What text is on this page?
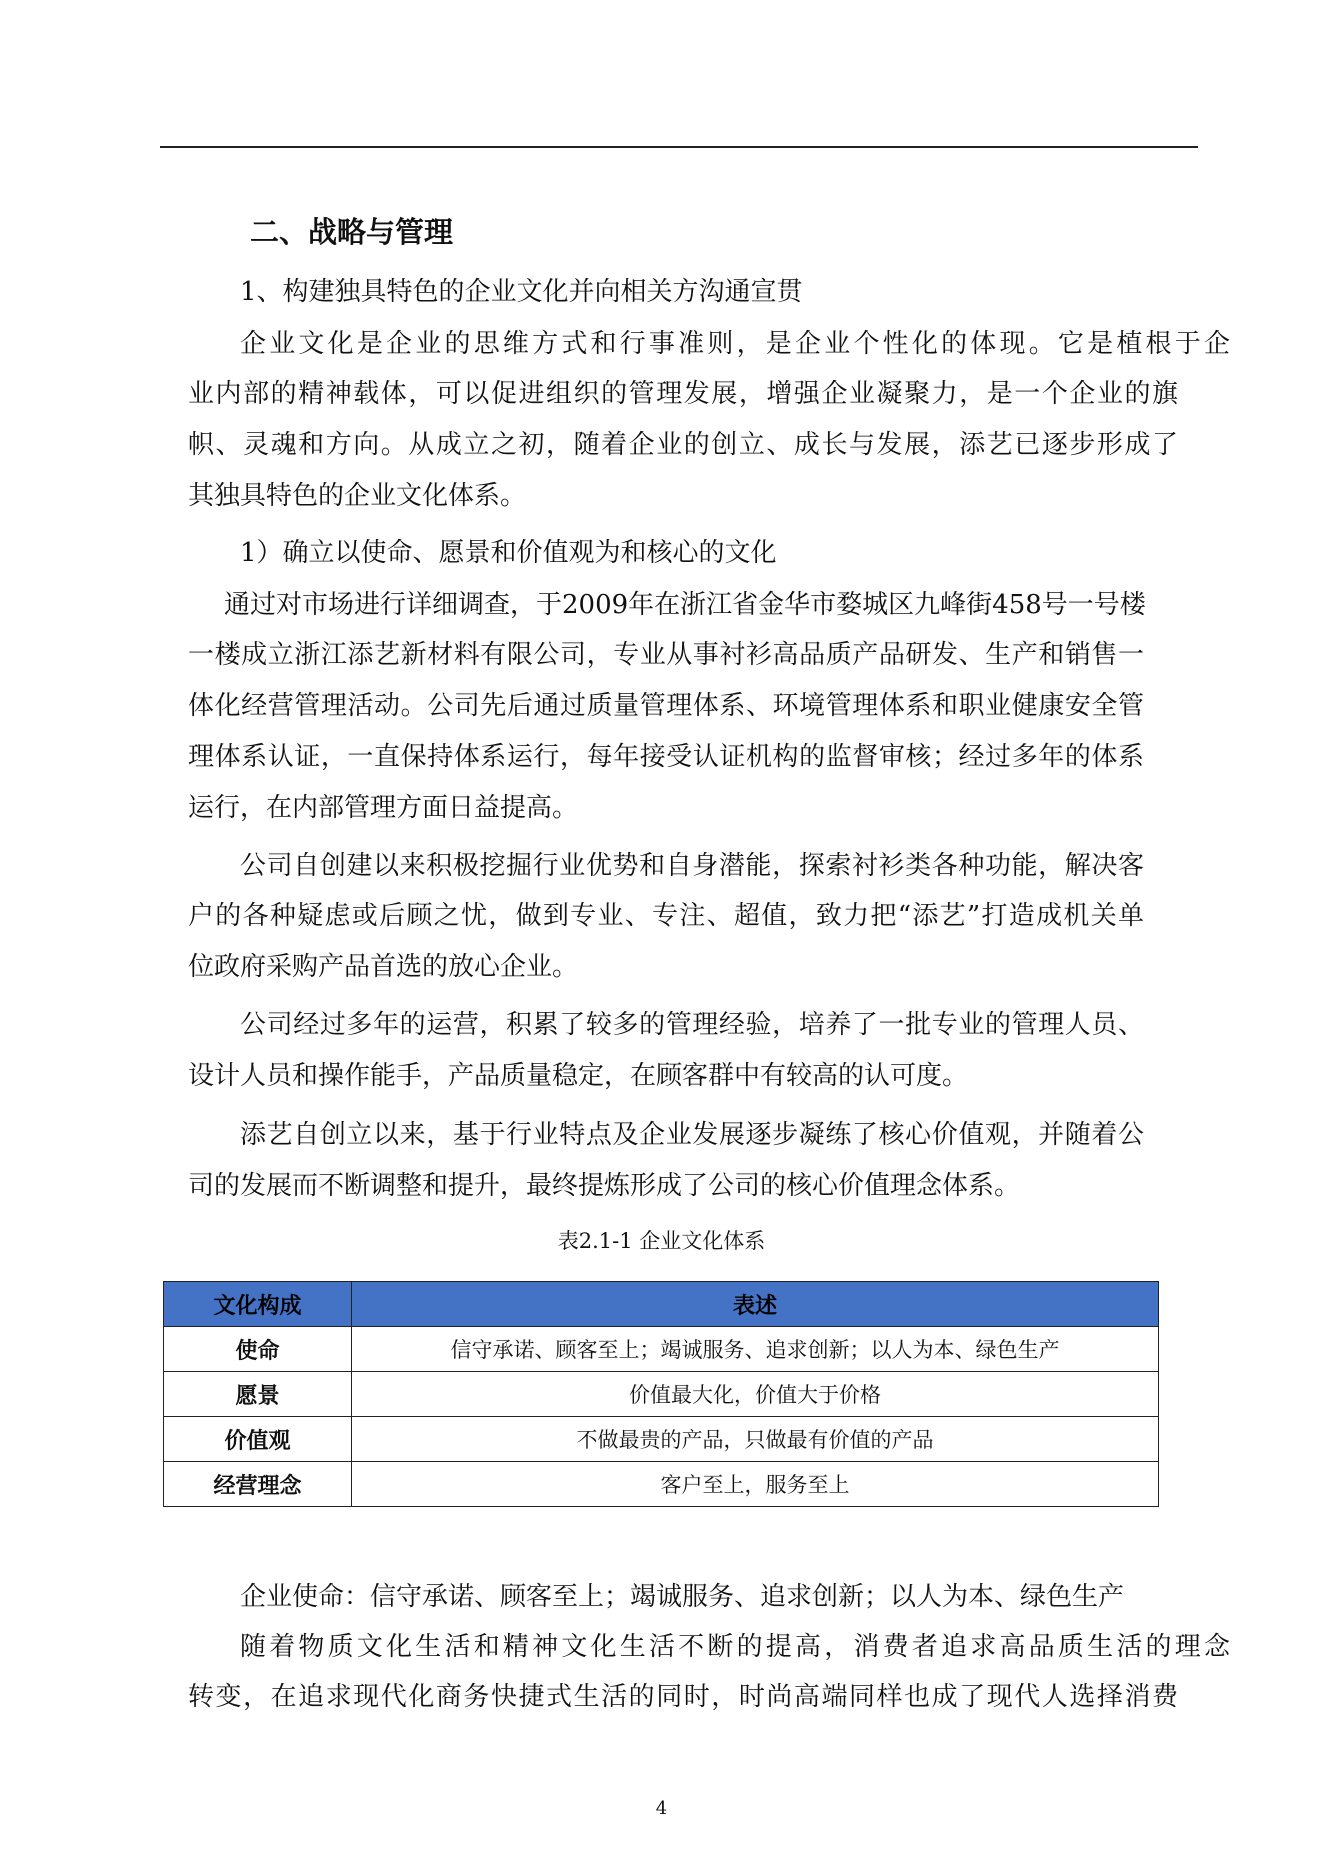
二、战略与管理
1、构建独具特色的企业文化并向相关方沟通宣贯
企业文化是企业的思维方式和行事准则，是企业个性化的体现。它是植根于企
业内部的精神载体，可以促进组织的管理发展，增强企业凝聚力，是一个企业的旗
帜、灵魂和方向。从成立之初，随着企业的创立、成长与发展，添艺已逐步形成了
其独具特色的企业文化体系。
1）确立以使命、愿景和价值观为和核心的文化
通过对市场进行详细调查，于2009年在浙江省金华市婺城区九峰街458号一号楼
一楼成立浙江添艺新材料有限公司，专业从事衬衫高品质产品研发、生产和销售一
体化经营管理活动。公司先后通过质量管理体系、环境管理体系和职业健康安全管
理体系认证，一直保持体系运行，每年接受认证机构的监督审核；经过多年的体系
运行，在内部管理方面日益提高。
公司自创建以来积极挖掘行业优势和自身潜能，探索衬衫类各种功能，解决客
户的各种疑虑或后顾之忧，做到专业、专注、超值，致力把“添艺”打造成机关单
位政府采购产品首选的放心企业。
公司经过多年的运营，积累了较多的管理经验，培养了一批专业的管理人员、
设计人员和操作能手，产品质量稳定，在顾客群中有较高的认可度。
添艺自创立以来，基于行业特点及企业发展逐步凝练了核心价值观，并随着公
司的发展而不断调整和提升，最终提炼形成了公司的核心价值理念体系。
表2.1-1 企业文化体系
文化构成	表述
使命	信守承诺、顾客至上；竭诚服务、追求创新；以人为本、绿色生产
愿景	价值最大化，价值大于价格
价值观	不做最贵的产品，只做最有价值的产品
经营理念	客户至上，服务至上
企业使命：信守承诺、顾客至上；竭诚服务、追求创新；以人为本、绿色生产
随着物质文化生活和精神文化生活不断的提高，消费者追求高品质生活的理念
转变，在追求现代化商务快捷式生活的同时，时尚高端同样也成了现代人选择消费
4
